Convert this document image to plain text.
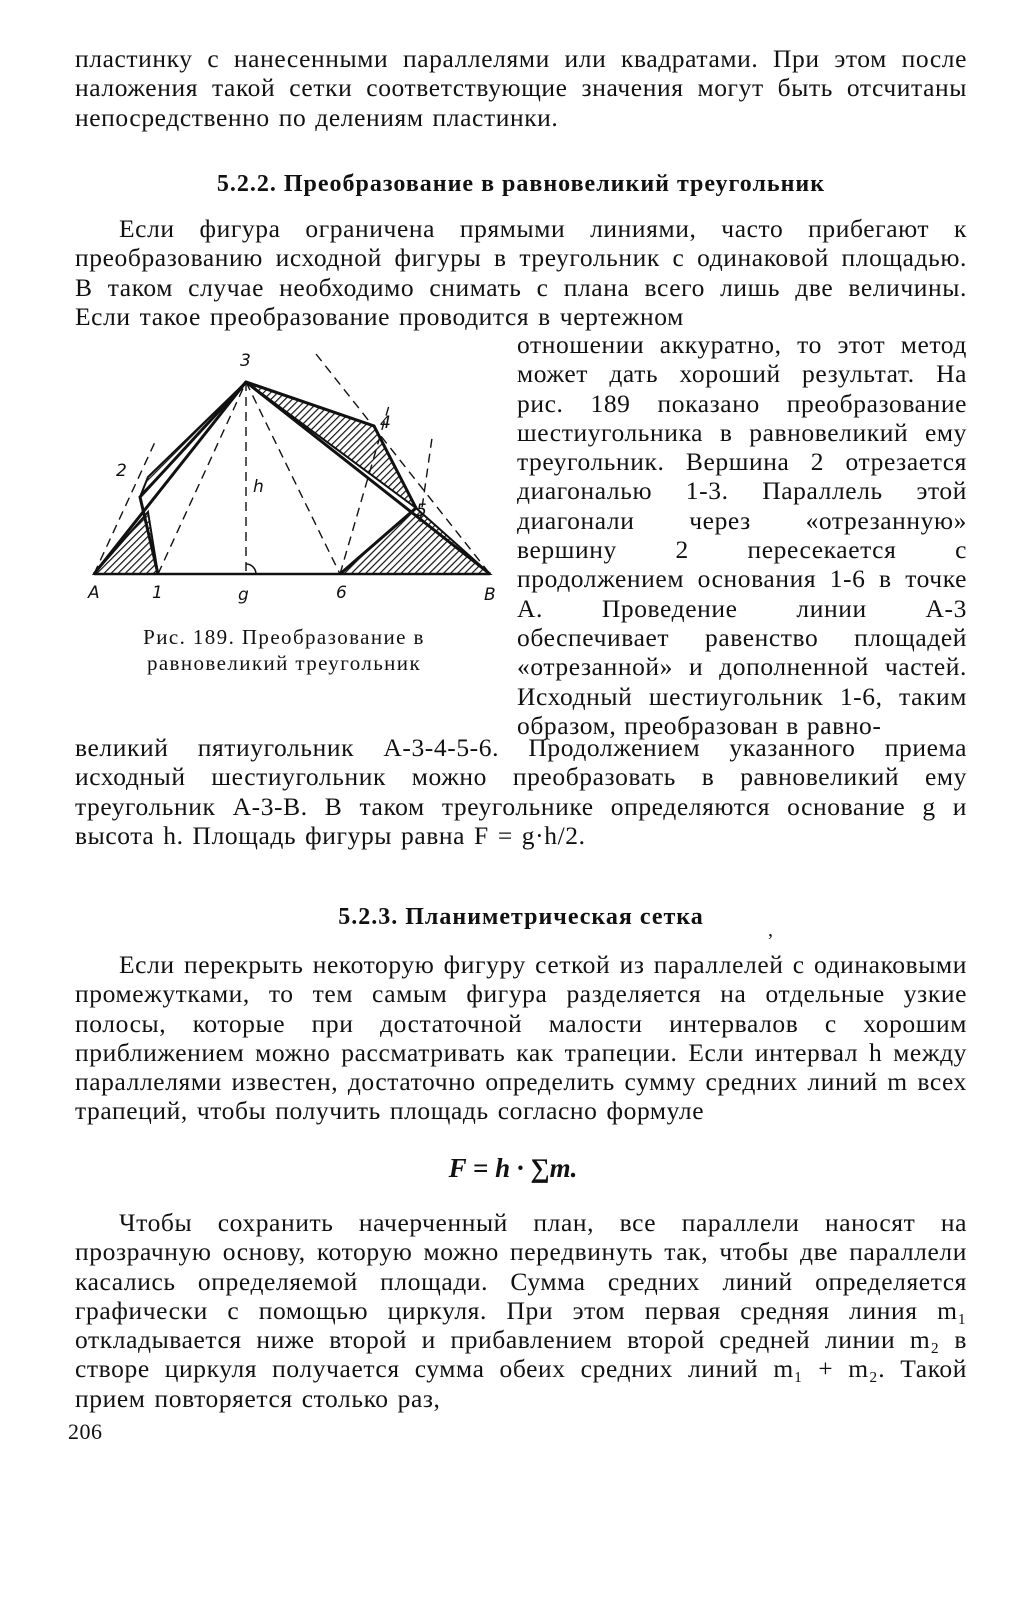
пластинку с нанесенными параллелями или квадратами. При этом после наложения такой сетки соответствующие значения могут быть отсчитаны непосредственно по делениям пластинки.
5.2.2. Преобразование в равновеликий треугольник
Если фигура ограничена прямыми линиями, часто прибегают к преобразованию исходной фигуры в треугольник с одинаковой площадью. В таком случае необходимо снимать с плана всего лишь две величины. Если такое преобразование проводится в чертежном
3
2
4
5
h
A	1	g	6	B
Рис. 189. Преобразование в равновеликий треугольник
отношении аккуратно, то этот метод может дать хороший результат. На рис. 189 показано преобразование шестиугольника в равновеликий ему треугольник. Вершина 2 отрезается диагональю 1-3. Параллель этой диагонали через «отрезанную» вершину 2 пересекается с продолжением основания 1-6 в точке A. Проведение линии A-3 обеспечивает равенство площадей «отрезанной» и дополненной частей. Исходный шестиугольник 1-6, таким образом, преобразован в равно-
великий пятиугольник A-3-4-5-6. Продолжением указанного приема исходный шестиугольник можно преобразовать в равновеликий ему треугольник A-3-B. В таком треугольнике определяются основание g и высота h. Площадь фигуры равна F = g·h/2.
5.2.3. Планиметрическая сетка	,
Если перекрыть некоторую фигуру сеткой из параллелей с одинаковыми промежутками, то тем самым фигура разделяется на отдельные узкие полосы, которые при достаточной малости интервалов с хорошим приближением можно рассматривать как трапеции. Если интервал h между параллелями известен, достаточно определить сумму средних линий m всех трапеций, чтобы получить площадь согласно формуле
F = h · ∑m.
Чтобы сохранить начерченный план, все параллели наносят на прозрачную основу, которую можно передвинуть так, чтобы две параллели касались определяемой площади. Сумма средних линий определяется графически с помощью циркуля. При этом первая средняя линия m₁ откладывается ниже второй и прибавлением второй средней линии m₂ в створе циркуля получается сумма обеих средних линий m₁ + m₂. Такой прием повторяется столько раз,
206
